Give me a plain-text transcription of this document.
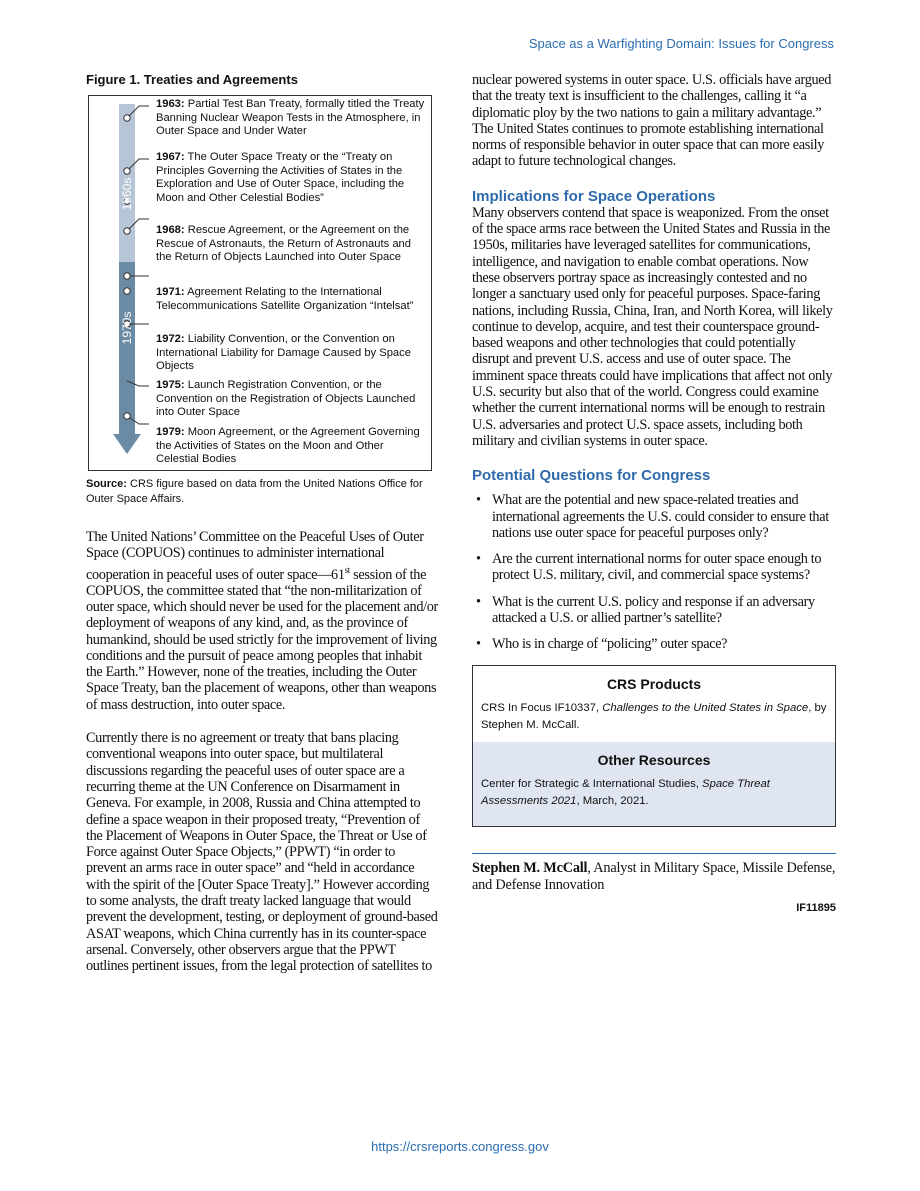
Space as a Warfighting Domain: Issues for Congress
Figure 1. Treaties and Agreements
1960s
1970s
1963: Partial Test Ban Treaty, formally titled the Treaty Banning Nuclear Weapon Tests in the Atmosphere, in Outer Space and Under Water
1967: The Outer Space Treaty or the “Treaty on Principles Governing the Activities of States in the Exploration and Use of Outer Space, including the Moon and Other Celestial Bodies”
1968: Rescue Agreement, or the Agreement on the Rescue of Astronauts, the Return of Astronauts and the Return of Objects Launched into Outer Space
1971: Agreement Relating to the International Telecommunications Satellite Organization “Intelsat”
1972: Liability Convention, or the Convention on International Liability for Damage Caused by Space Objects
1975: Launch Registration Convention, or the Convention on the Registration of Objects Launched into Outer Space
1979: Moon Agreement, or the Agreement Governing the Activities of States on the Moon and Other Celestial Bodies

Source: CRS figure based on data from the United Nations Office for Outer Space Affairs.

The United Nations’ Committee on the Peaceful Uses of Outer Space (COPUOS) continues to administer international cooperation in peaceful uses of outer space—61st session of the COPUOS, the committee stated that “the non-militarization of outer space, which should never be used for the placement and/or deployment of weapons of any kind, and, as the province of humankind, should be used strictly for the improvement of living conditions and the pursuit of peace among peoples that inhabit the Earth.” However, none of the treaties, including the Outer Space Treaty, ban the placement of weapons, other than weapons of mass destruction, into outer space.

Currently there is no agreement or treaty that bans placing conventional weapons into outer space, but multilateral discussions regarding the peaceful uses of outer space are a recurring theme at the UN Conference on Disarmament in Geneva. For example, in 2008, Russia and China attempted to define a space weapon in their proposed treaty, “Prevention of the Placement of Weapons in Outer Space, the Threat or Use of Force against Outer Space Objects,” (PPWT) “in order to prevent an arms race in outer space” and “held in accordance with the spirit of the [Outer Space Treaty].” However according to some analysts, the draft treaty lacked language that would prevent the development, testing, or deployment of ground-based ASAT weapons, which China currently has in its counter-space arsenal. Conversely, other observers argue that the PPWT outlines pertinent issues, from the legal protection of satellites to

nuclear powered systems in outer space. U.S. officials have argued that the treaty text is insufficient to the challenges, calling it “a diplomatic ploy by the two nations to gain a military advantage.” The United States continues to promote establishing international norms of responsible behavior in outer space that can more easily adapt to future technological changes.

Implications for Space Operations

Many observers contend that space is weaponized. From the onset of the space arms race between the United States and Russia in the 1950s, militaries have leveraged satellites for communications, intelligence, and navigation to enable combat operations. Now these observers portray space as increasingly contested and no longer a sanctuary used only for peaceful purposes. Space-faring nations, including Russia, China, Iran, and North Korea, will likely continue to develop, acquire, and test their counterspace ground-based weapons and other technologies that could potentially disrupt and prevent U.S. access and use of outer space. The imminent space threats could have implications that affect not only U.S. security but also that of the world. Congress could examine whether the current international norms will be enough to restrain U.S. adversaries and protect U.S. space assets, including both military and civilian systems in outer space.

Potential Questions for Congress
• What are the potential and new space-related treaties and international agreements the U.S. could consider to ensure that nations use outer space for peaceful purposes only?
• Are the current international norms for outer space enough to protect U.S. military, civil, and commercial space systems?
• What is the current U.S. policy and response if an adversary attacked a U.S. or allied partner’s satellite?
• Who is in charge of “policing” outer space?
CRS Products

CRS In Focus IF10337, Challenges to the United States in Space, by Stephen M. McCall.

Other Resources

Center for Strategic & International Studies, Space Threat Assessments 2021, March, 2021.

Stephen M. McCall, Analyst in Military Space, Missile Defense, and Defense Innovation

IF11895
https://crsreports.congress.gov
